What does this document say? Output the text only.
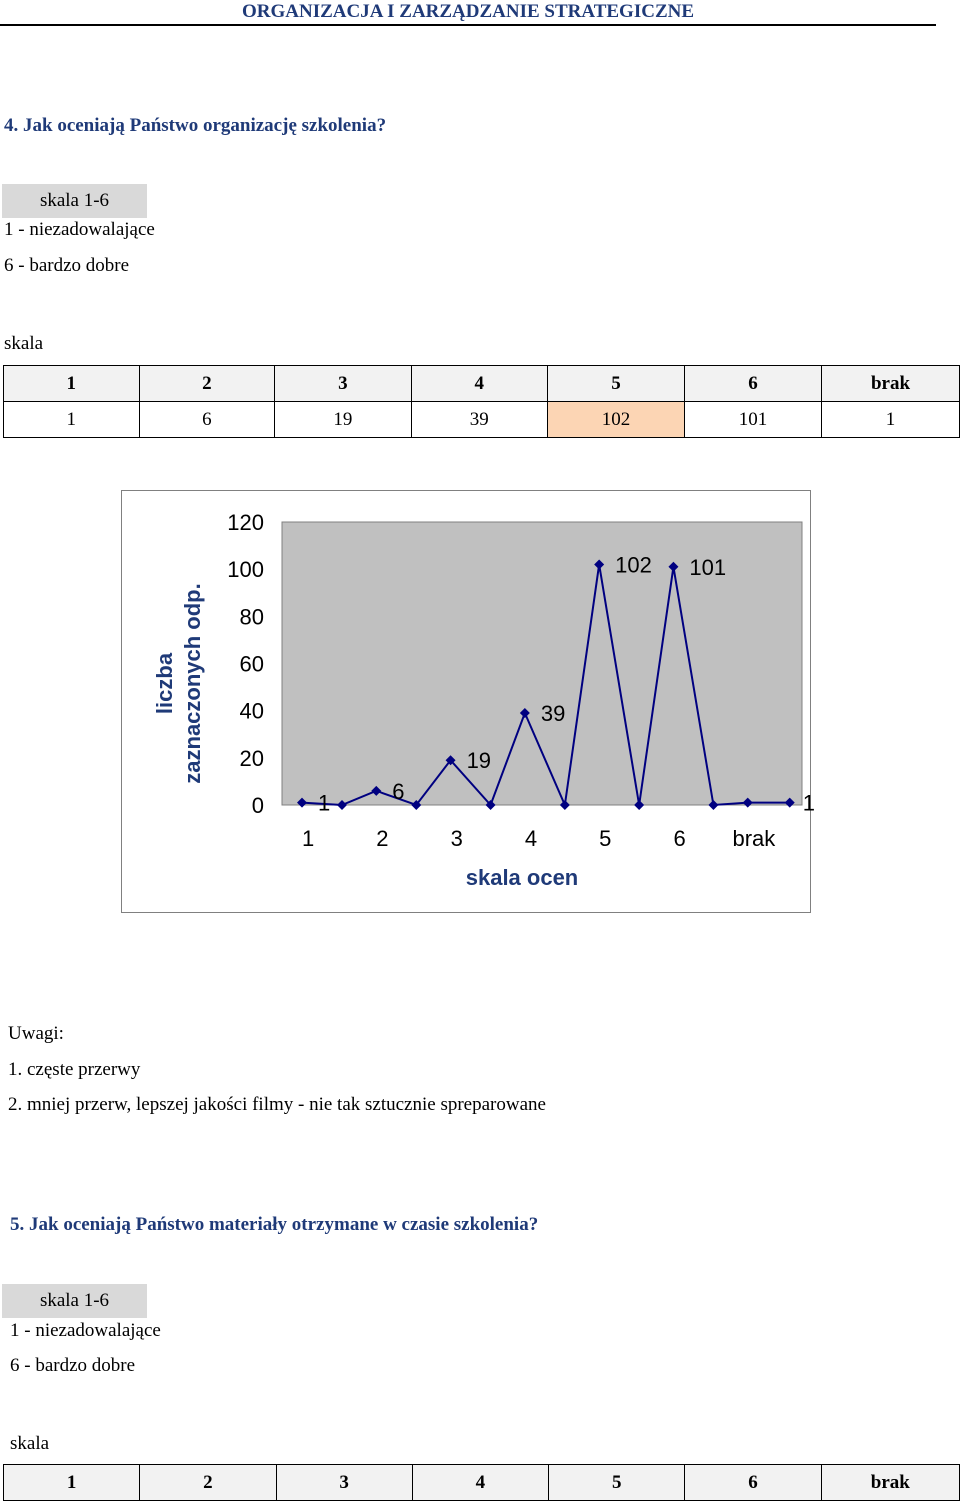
ORGANIZACJA I ZARZĄDZANIE STRATEGICZNE
4. Jak oceniają Państwo organizację szkolenia?
skala 1-6
1 - niezadowalające
6 - bardzo dobre
skala
1	2	3	4	5	6	brak
1	6	19	39	102	101	1
liczba zaznaczonych odp.
1	6
19
39
102 101
1
0
20
40
60
80
100
120
1	2	3	4	5	6 brak
skala ocen
Uwagi:
1. częste przerwy
2. mniej przerw, lepszej jakości filmy - nie tak sztucznie spreparowane
5. Jak oceniają Państwo materiały otrzymane w czasie szkolenia?
skala 1-6
1 - niezadowalające
6 - bardzo dobre
skala
1	2	3	4	5	6	brak
